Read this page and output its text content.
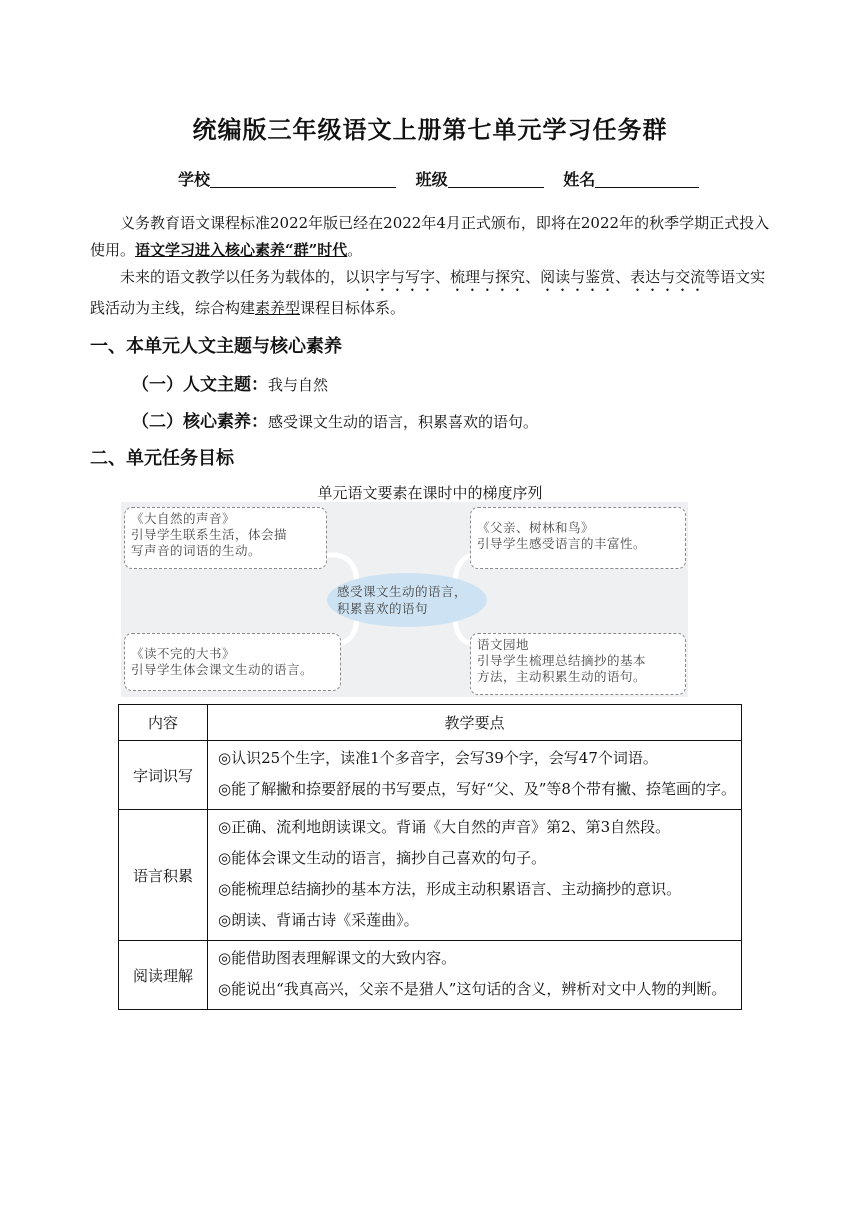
统编版三年级语文上册第七单元学习任务群
学校	班级	姓名
义务教育语文课程标准2022年版已经在2022年4月正式颁布，即将在2022年的秋季学期正式投入使用。语文学习进入核心素养“群”时代。
未来的语文教学以任务为载体的，以识字与写字、梳理与探究、阅读与鉴赏、表达与交流等语文实践活动为主线，综合构建素养型课程目标体系。
一、本单元人文主题与核心素养
（一）人文主题：我与自然
（二）核心素养：感受课文生动的语言，积累喜欢的语句。
二、单元任务目标
单元语文要素在课时中的梯度序列
感受课文生动的语言，
积累喜欢的语句
《大自然的声音》
引导学生联系生活，体会描
写声音的词语的生动。
《父亲、树林和鸟》
引导学生感受语言的丰富性。
《读不完的大书》
引导学生体会课文生动的语言。
语文园地
引导学生梳理总结摘抄的基本
方法，主动积累生动的语句。
内容	教学要点
字词识写	◎认识25个生字，读准1个多音字，会写39个字，会写47个词语。
◎能了解撇和捺要舒展的书写要点，写好“父、及”等8个带有撇、捺笔画的字。

语言积累	◎正确、流利地朗读课文。背诵《大自然的声音》第2、第3自然段。
◎能体会课文生动的语言，摘抄自己喜欢的句子。
◎能梳理总结摘抄的基本方法，形成主动积累语言、主动摘抄的意识。
◎朗读、背诵古诗《采莲曲》。

阅读理解	◎能借助图表理解课文的大致内容。
◎能说出“我真高兴，父亲不是猎人”这句话的含义，辨析对文中人物的判断。
